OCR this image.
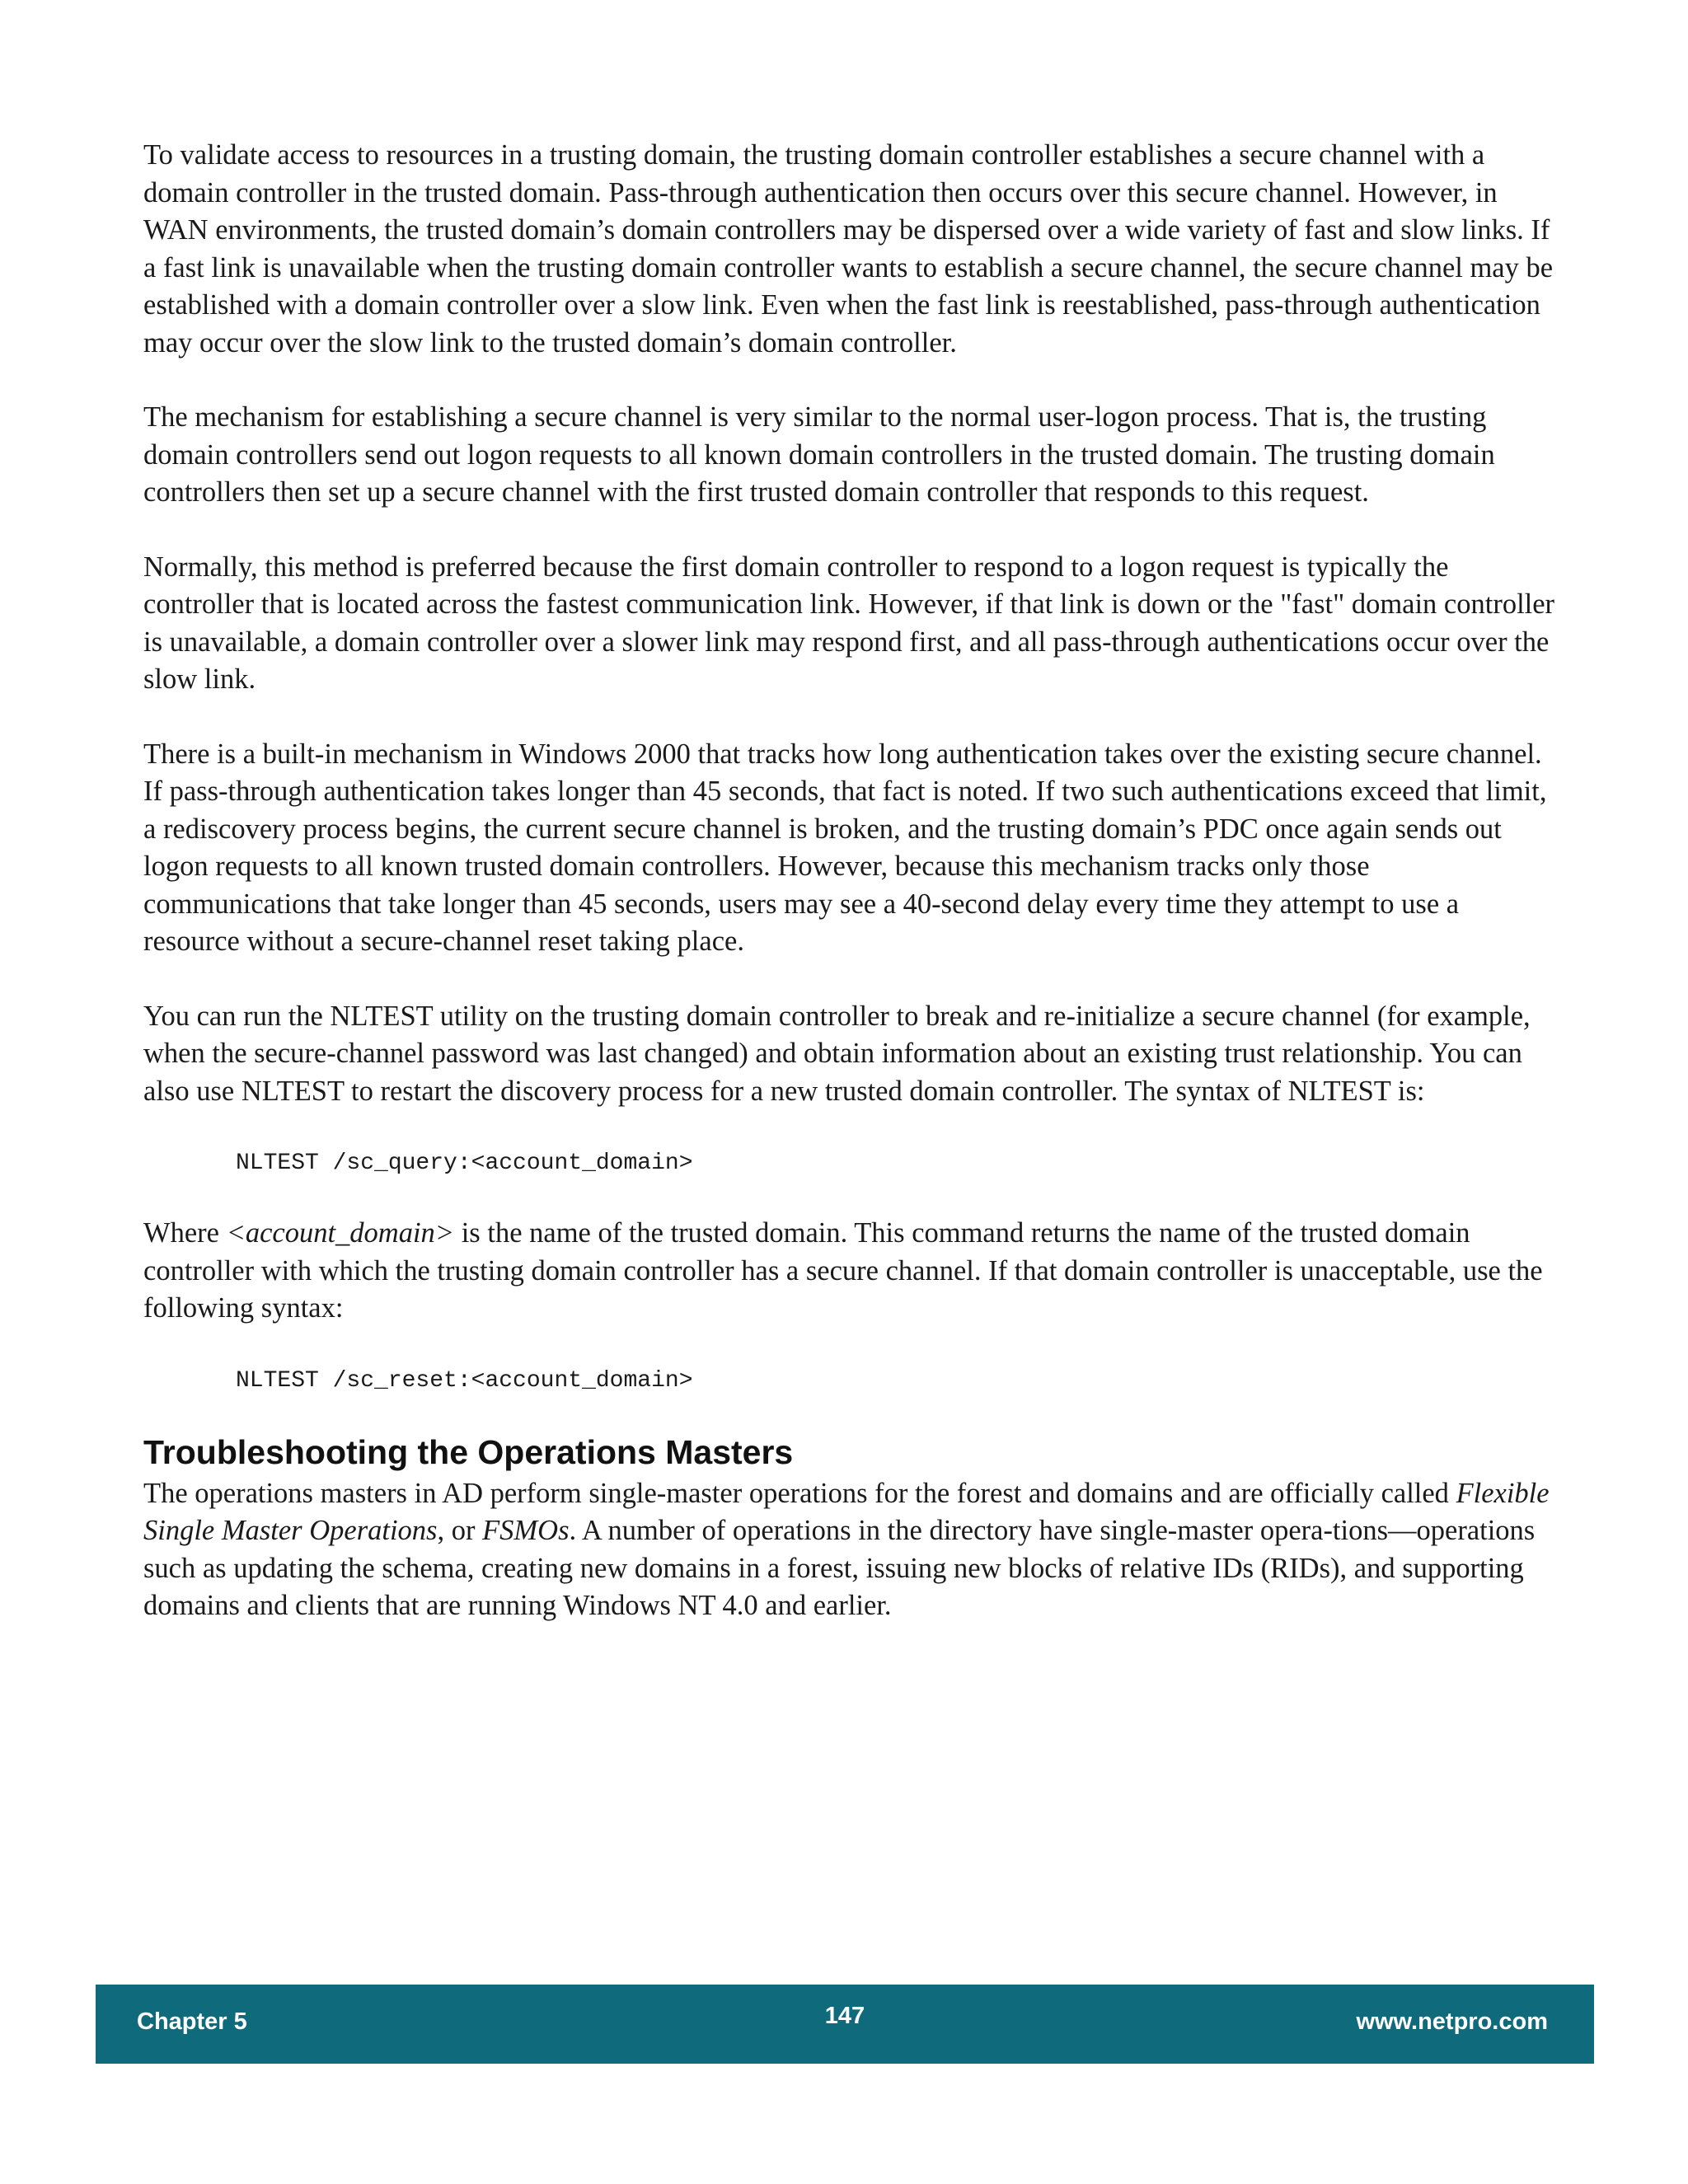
To validate access to resources in a trusting domain, the trusting domain controller establishes a secure channel with a domain controller in the trusted domain. Pass-through authentication then occurs over this secure channel. However, in WAN environments, the trusted domain’s domain controllers may be dispersed over a wide variety of fast and slow links. If a fast link is unavailable when the trusting domain controller wants to establish a secure channel, the secure channel may be established with a domain controller over a slow link. Even when the fast link is reestablished, pass-through authentication may occur over the slow link to the trusted domain’s domain controller.

The mechanism for establishing a secure channel is very similar to the normal user-logon process. That is, the trusting domain controllers send out logon requests to all known domain controllers in the trusted domain. The trusting domain controllers then set up a secure channel with the first trusted domain controller that responds to this request.

Normally, this method is preferred because the first domain controller to respond to a logon request is typically the controller that is located across the fastest communication link. However, if that link is down or the "fast" domain controller is unavailable, a domain controller over a slower link may respond first, and all pass-through authentications occur over the slow link.

There is a built-in mechanism in Windows 2000 that tracks how long authentication takes over the existing secure channel. If pass-through authentication takes longer than 45 seconds, that fact is noted. If two such authentications exceed that limit, a rediscovery process begins, the current secure channel is broken, and the trusting domain’s PDC once again sends out logon requests to all known trusted domain controllers. However, because this mechanism tracks only those communications that take longer than 45 seconds, users may see a 40-second delay every time they attempt to use a resource without a secure-channel reset taking place.

You can run the NLTEST utility on the trusting domain controller to break and re-initialize a secure channel (for example, when the secure-channel password was last changed) and obtain information about an existing trust relationship. You can also use NLTEST to restart the discovery process for a new trusted domain controller. The syntax of NLTEST is:

NLTEST /sc_query:<account_domain>

Where <account_domain> is the name of the trusted domain. This command returns the name of the trusted domain controller with which the trusting domain controller has a secure channel. If that domain controller is unacceptable, use the following syntax:

NLTEST /sc_reset:<account_domain>
Troubleshooting the Operations Masters

The operations masters in AD perform single-master operations for the forest and domains and are officially called Flexible Single Master Operations, or FSMOs. A number of operations in the directory have single-master opera-tions—operations such as updating the schema, creating new domains in a forest, issuing new blocks of relative IDs (RIDs), and supporting domains and clients that are running Windows NT 4.0 and earlier.

Chapter 5	147	www.netpro.com
